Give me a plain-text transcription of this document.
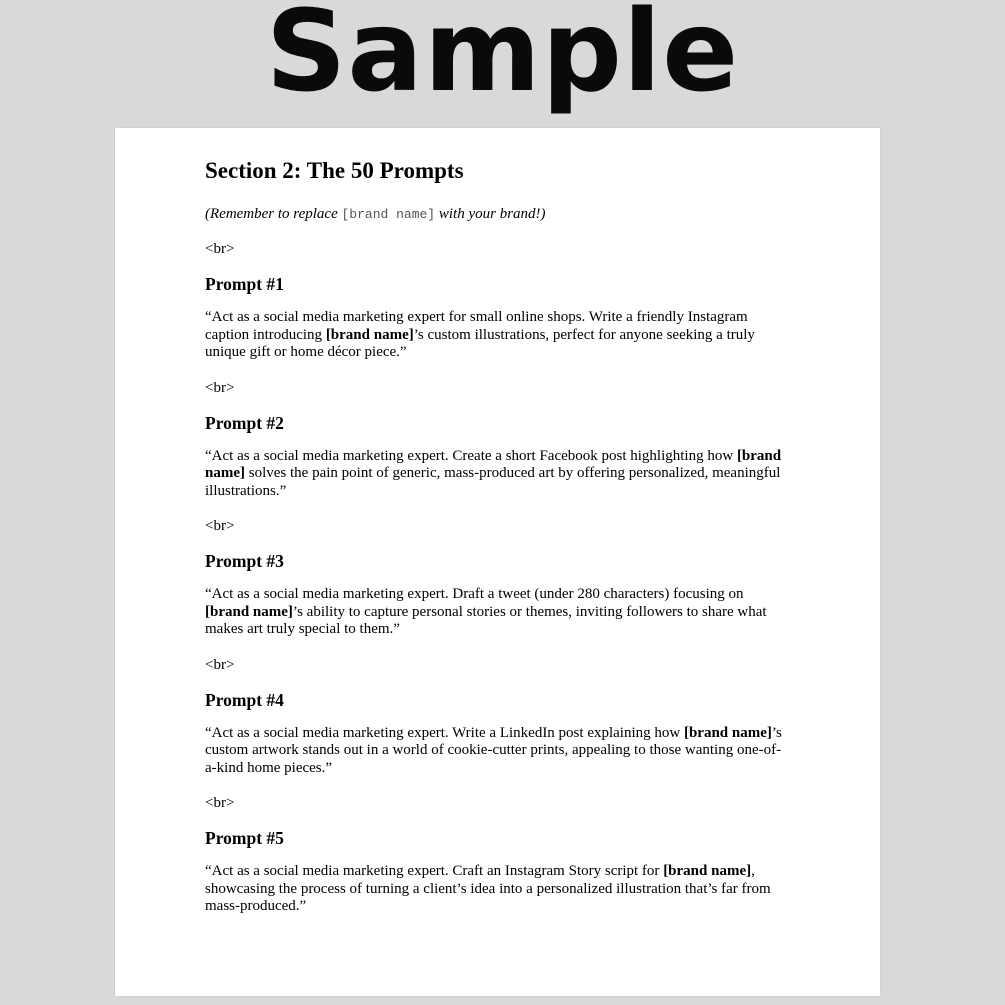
Sample
Section 2: The 50 Prompts
(Remember to replace [brand name] with your brand!)
<br>
Prompt #1
“Act as a social media marketing expert for small online shops. Write a friendly Instagram caption introducing [brand name]’s custom illustrations, perfect for anyone seeking a truly unique gift or home décor piece.”
<br>
Prompt #2
“Act as a social media marketing expert. Create a short Facebook post highlighting how [brand name] solves the pain point of generic, mass-produced art by offering personalized, meaningful illustrations.”
<br>
Prompt #3
“Act as a social media marketing expert. Draft a tweet (under 280 characters) focusing on [brand name]’s ability to capture personal stories or themes, inviting followers to share what makes art truly special to them.”
<br>
Prompt #4
“Act as a social media marketing expert. Write a LinkedIn post explaining how [brand name]’s custom artwork stands out in a world of cookie-cutter prints, appealing to those wanting one-of-a-kind home pieces.”
<br>
Prompt #5
“Act as a social media marketing expert. Craft an Instagram Story script for [brand name], showcasing the process of turning a client’s idea into a personalized illustration that’s far from mass-produced.”
